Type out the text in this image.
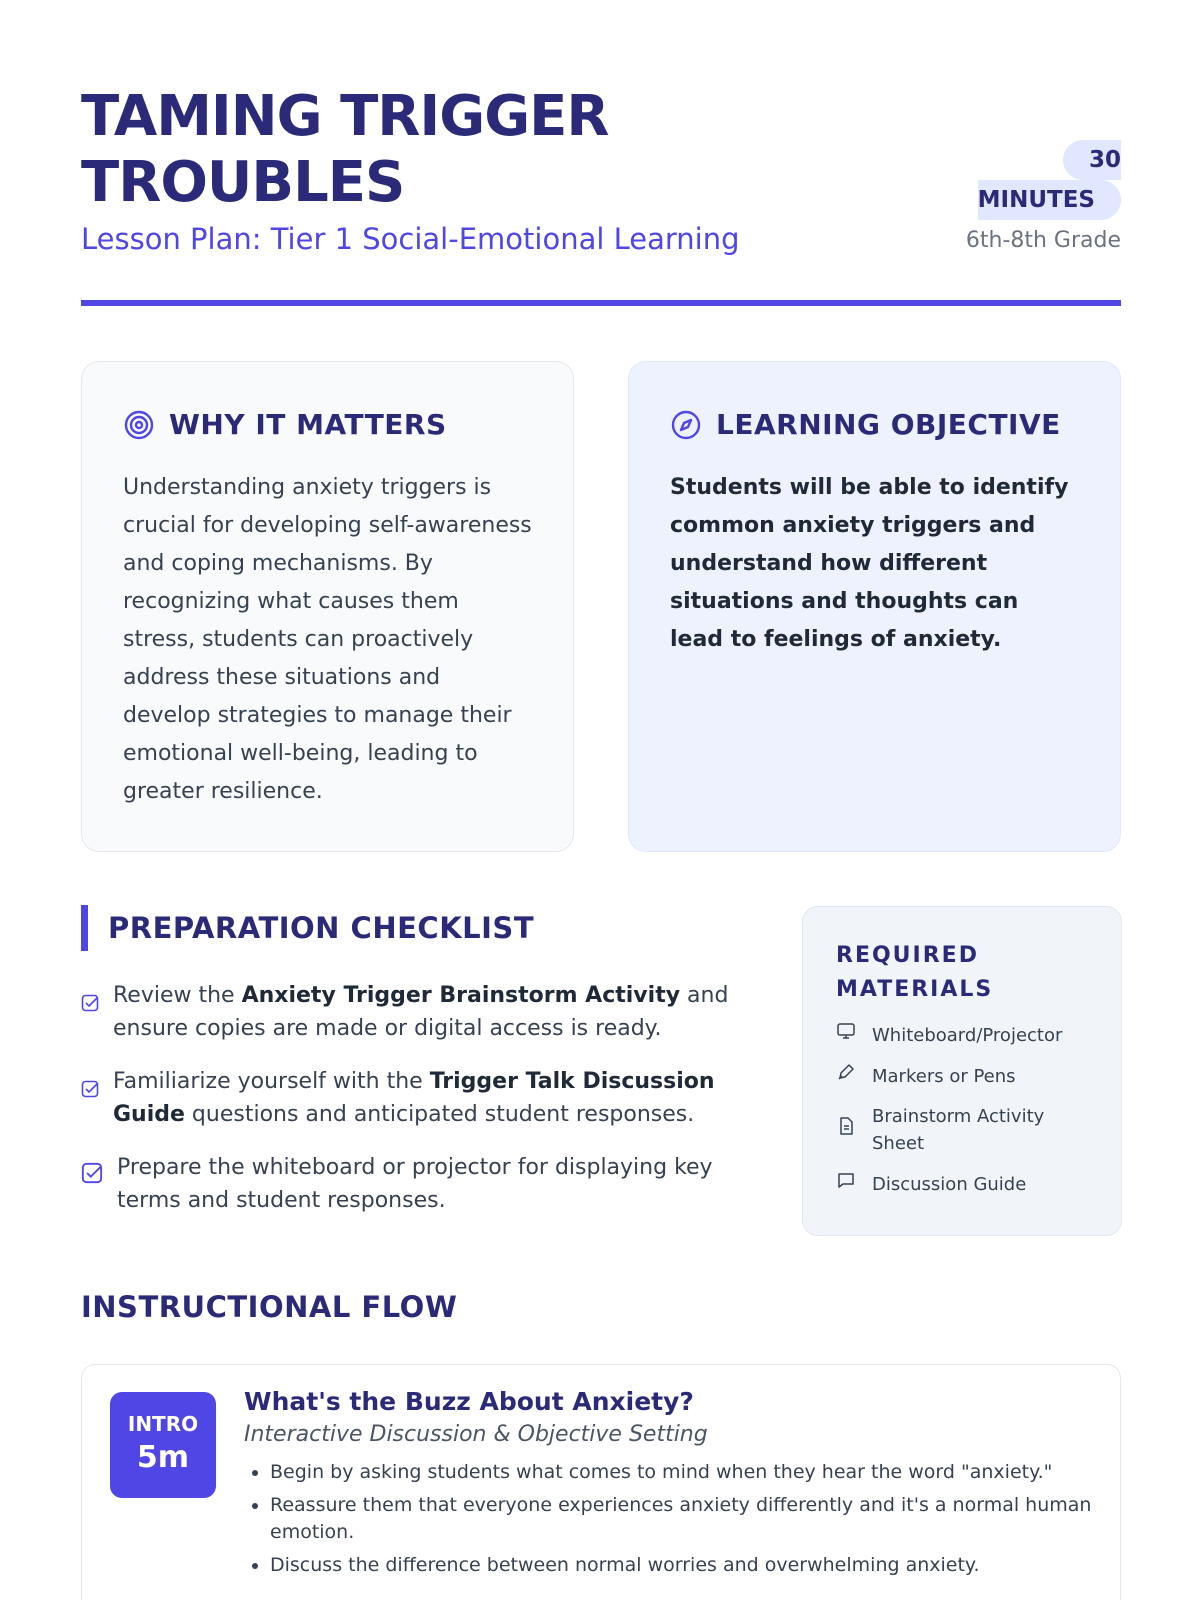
TAMING TRIGGER TROUBLES
Lesson Plan: Tier 1 Social-Emotional Learning
30
MINUTES
6th-8th Grade
WHY IT MATTERS

Understanding anxiety triggers is crucial for developing self-awareness and coping mechanisms. By recognizing what causes them stress, students can proactively address these situations and develop strategies to manage their emotional well-being, leading to greater resilience.

LEARNING OBJECTIVE

Students will be able to identify common anxiety triggers and understand how different situations and thoughts can lead to feelings of anxiety.

PREPARATION CHECKLIST
Review the Anxiety Trigger Brainstorm Activity and ensure copies are made or digital access is ready.
Familiarize yourself with the Trigger Talk Discussion Guide questions and anticipated student responses.
Prepare the whiteboard or projector for displaying key terms and student responses.
REQUIRED MATERIALS
Whiteboard/Projector
Markers or Pens
Brainstorm Activity Sheet
Discussion Guide
INSTRUCTIONAL FLOW
INTRO
5m
What's the Buzz About Anxiety?
Interactive Discussion & Objective Setting
• Begin by asking students what comes to mind when they hear the word "anxiety."
• Reassure them that everyone experiences anxiety differently and it's a normal human emotion.
• Discuss the difference between normal worries and overwhelming anxiety.
